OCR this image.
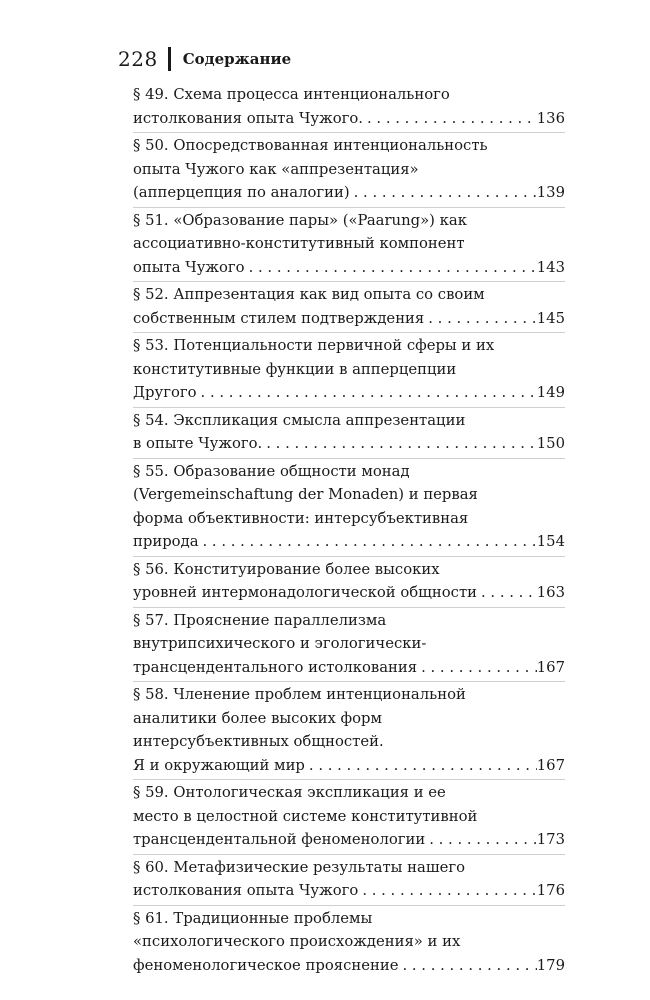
228 Содержание
§ 49. Схема процесса интенционального
истолкования опыта Чужого. . . .	136
§ 50. Опосредствованная интенциональность
опыта Чужого как «аппрезентация»
(апперцепция по аналогии) . . .	139
§ 51. «Образование пары» («Paarung») как
ассоциативно-конститутивный компонент
опыта Чужого . . .	143
§ 52. Аппрезентация как вид опыта со своим
собственным стилем подтверждения . . .	145
§ 53. Потенциальности первичной сферы и их
конститутивные функции в апперцепции
Другого . . .	149
§ 54. Экспликация смысла аппрезентации
в опыте Чужого. . . .	150
§ 55. Образование общности монад
(Vergemeinschaftung der Monaden) и первая
форма объективности: интерсубъективная
природа . . .	154
§ 56. Конституирование более высоких
уровней интермонадологической общности . . .	163
§ 57. Прояснение параллелизма
внутрипсихического и эгологически-
трансцендентального истолкования . . .	167
§ 58. Членение проблем интенциональной
аналитики более высоких форм
интерсубъективных общностей.
Я и окружающий мир . . .	167
§ 59. Онтологическая экспликация и ее
место в целостной системе конститутивной
трансцендентальной феноменологии . . .	173
§ 60. Метафизические результаты нашего
истолкования опыта Чужого . . .	176
§ 61. Традиционные проблемы
«психологического происхождения» и их
феноменологическое прояснение . . .	179
